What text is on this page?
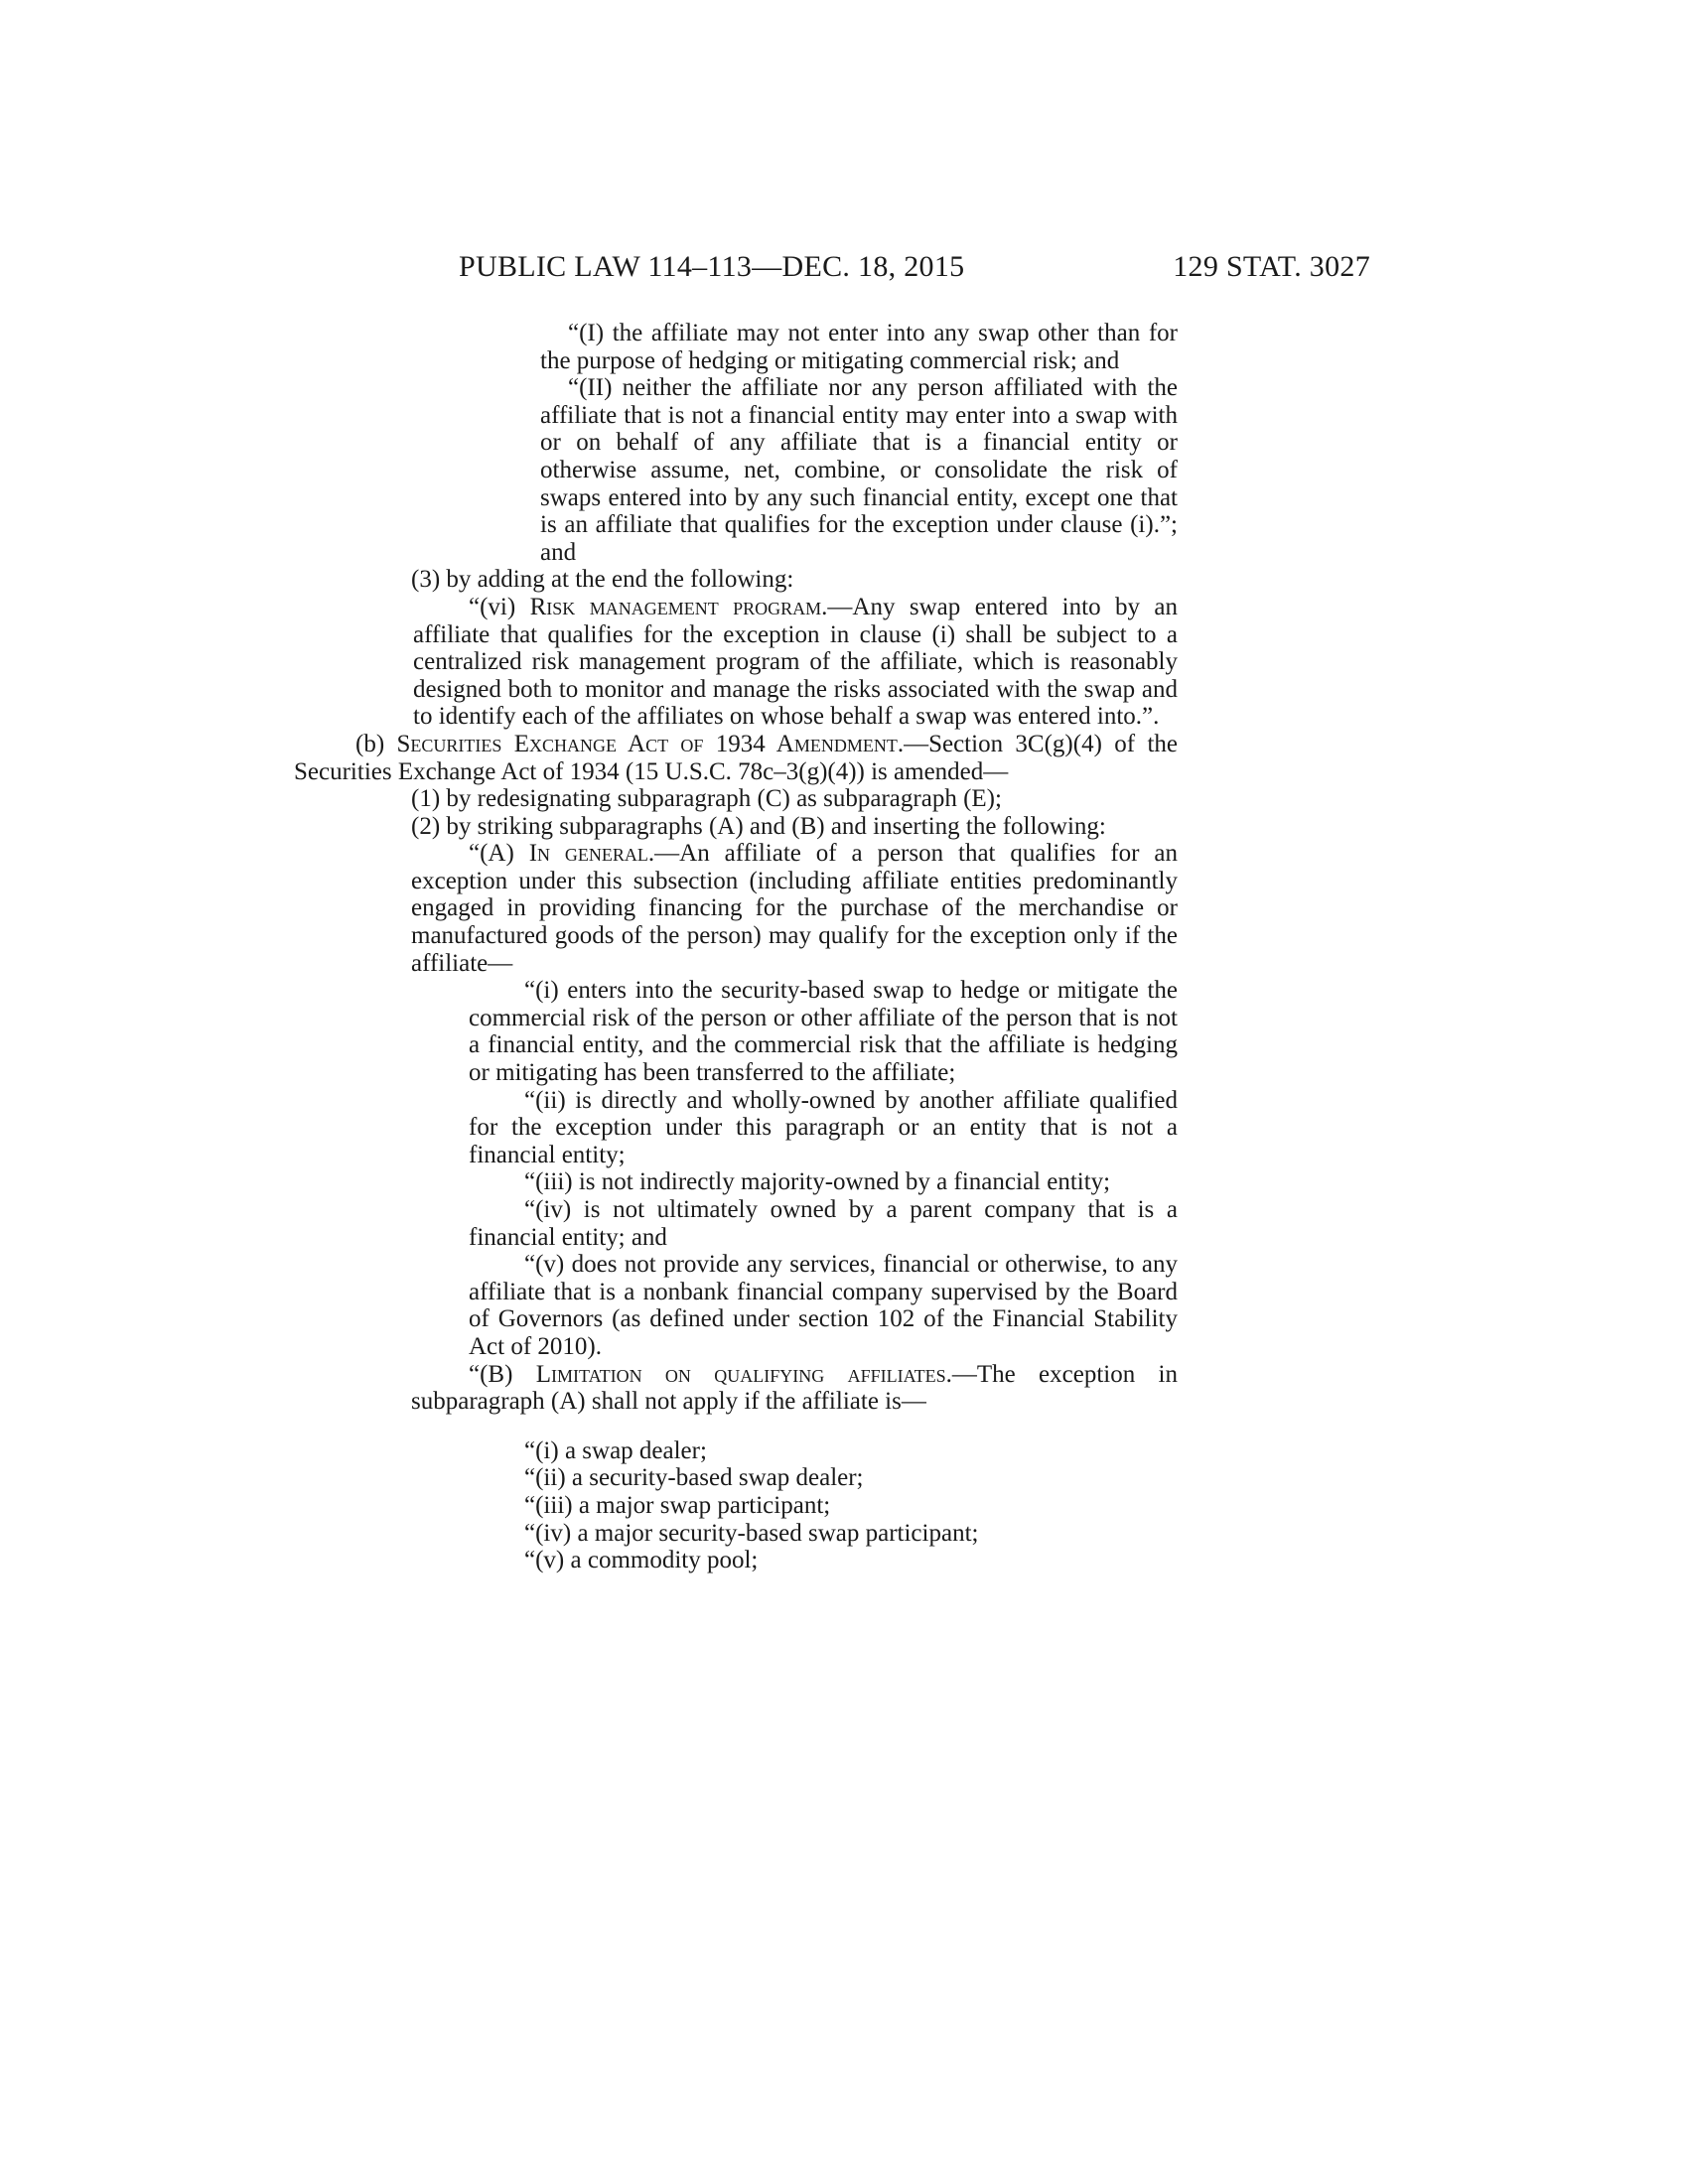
PUBLIC LAW 114–113—DEC. 18, 2015	129 STAT. 3027

“(I) the affiliate may not enter into any swap other than for the purpose of hedging or mitigating commercial risk; and

“(II) neither the affiliate nor any person affiliated with the affiliate that is not a financial entity may enter into a swap with or on behalf of any affiliate that is a financial entity or otherwise assume, net, combine, or consolidate the risk of swaps entered into by any such financial entity, except one that is an affiliate that qualifies for the exception under clause (i).”; and

(3) by adding at the end the following:

“(vi) Risk management program.—Any swap entered into by an affiliate that qualifies for the exception in clause (i) shall be subject to a centralized risk management program of the affiliate, which is reasonably designed both to monitor and manage the risks associated with the swap and to identify each of the affiliates on whose behalf a swap was entered into.”.

(b) Securities Exchange Act of 1934 Amendment.—Section 3C(g)(4) of the Securities Exchange Act of 1934 (15 U.S.C. 78c–3(g)(4)) is amended—

(1) by redesignating subparagraph (C) as subparagraph (E);

(2) by striking subparagraphs (A) and (B) and inserting the following:

“(A) In general.—An affiliate of a person that qualifies for an exception under this subsection (including affiliate entities predominantly engaged in providing financing for the purchase of the merchandise or manufactured goods of the person) may qualify for the exception only if the affiliate—

“(i) enters into the security-based swap to hedge or mitigate the commercial risk of the person or other affiliate of the person that is not a financial entity, and the commercial risk that the affiliate is hedging or mitigating has been transferred to the affiliate;

“(ii) is directly and wholly-owned by another affiliate qualified for the exception under this paragraph or an entity that is not a financial entity;

“(iii) is not indirectly majority-owned by a financial entity;

“(iv) is not ultimately owned by a parent company that is a financial entity; and

“(v) does not provide any services, financial or otherwise, to any affiliate that is a nonbank financial company supervised by the Board of Governors (as defined under section 102 of the Financial Stability Act of 2010).

“(B) Limitation on qualifying affiliates.—The exception in subparagraph (A) shall not apply if the affiliate is—

“(i) a swap dealer;

“(ii) a security-based swap dealer;

“(iii) a major swap participant;

“(iv) a major security-based swap participant;

“(v) a commodity pool;
